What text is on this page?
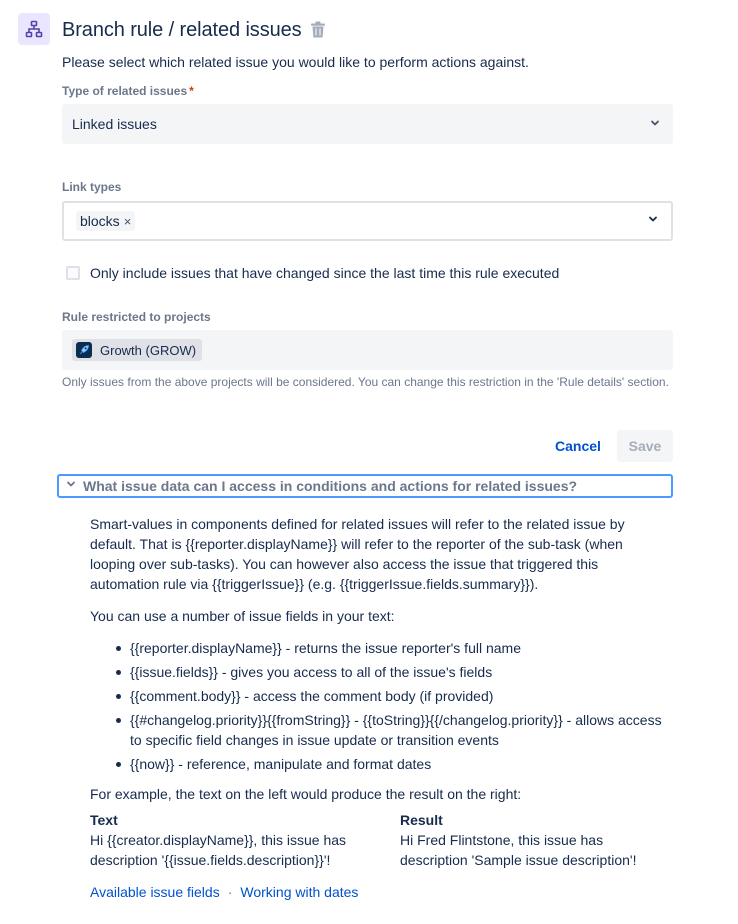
Branch rule / related issues
Please select which related issue you would like to perform actions against.
Type of related issues *
Linked issues
Link types
blocks ×
Only include issues that have changed since the last time this rule executed
Rule restricted to projects
Growth (GROW)
Only issues from the above projects will be considered. You can change this restriction in the 'Rule details' section.
Cancel	Save
What issue data can I access in conditions and actions for related issues?

Smart-values in components defined for related issues will refer to the related issue by default. That is {{reporter.displayName}} will refer to the reporter of the sub-task (when looping over sub-tasks). You can however also access the issue that triggered this automation rule via {{triggerIssue}} (e.g. {{triggerIssue.fields.summary}}).

You can use a number of issue fields in your text:

{{reporter.displayName}} - returns the issue reporter's full name
{{issue.fields}} - gives you access to all of the issue's fields
{{comment.body}} - access the comment body (if provided)
{{#changelog.priority}}{{fromString}} - {{toString}}{{/changelog.priority}} - allows access to specific field changes in issue update or transition events
{{now}} - reference, manipulate and format dates

For example, the text on the left would produce the result on the right:

Text
Hi {{creator.displayName}}, this issue has description '{{issue.fields.description}}'!
Result
Hi Fred Flintstone, this issue has description 'Sample issue description'!
Available issue fields · Working with dates
